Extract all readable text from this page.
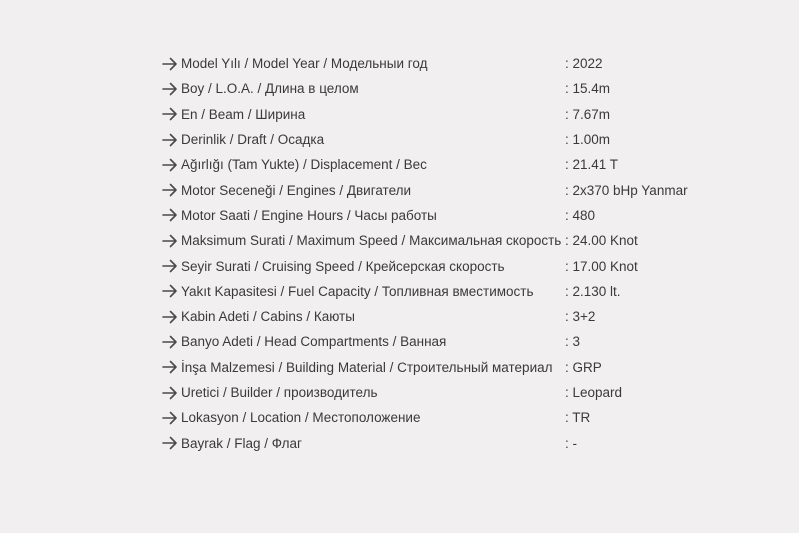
Model Yılı / Model Year / Модельныи год	: 2022
Boy / L.O.A. / Длина в целом	: 15.4m
En / Beam / Ширина	: 7.67m
Derinlik / Draft / Осадка	: 1.00m
Ağırlığı (Tam Yukte) / Displacement / Вес	: 21.41 T
Motor Seceneği / Engines / Двигатели	: 2x370 bHp Yanmar
Motor Saati / Engine Hours / Часы работы	: 480
Maksimum Surati / Maximum Speed / Максимальная скорость : 24.00 Knot
Seyir Surati / Cruising Speed / Крейсерская скорость	: 17.00 Knot
Yakıt Kapasitesi / Fuel Capacity / Топливная вместимость	: 2.130 lt.
Kabin Adeti / Cabins / Каюты	: 3+2
Banyo Adeti / Head Compartments / Ванная	: 3
İnşa Malzemesi / Building Material / Строительный материал : GRP
Uretici / Builder / производитель	: Leopard
Lokasyon / Location / Местоположение	: TR
Bayrak / Flag / Флаг	: -
